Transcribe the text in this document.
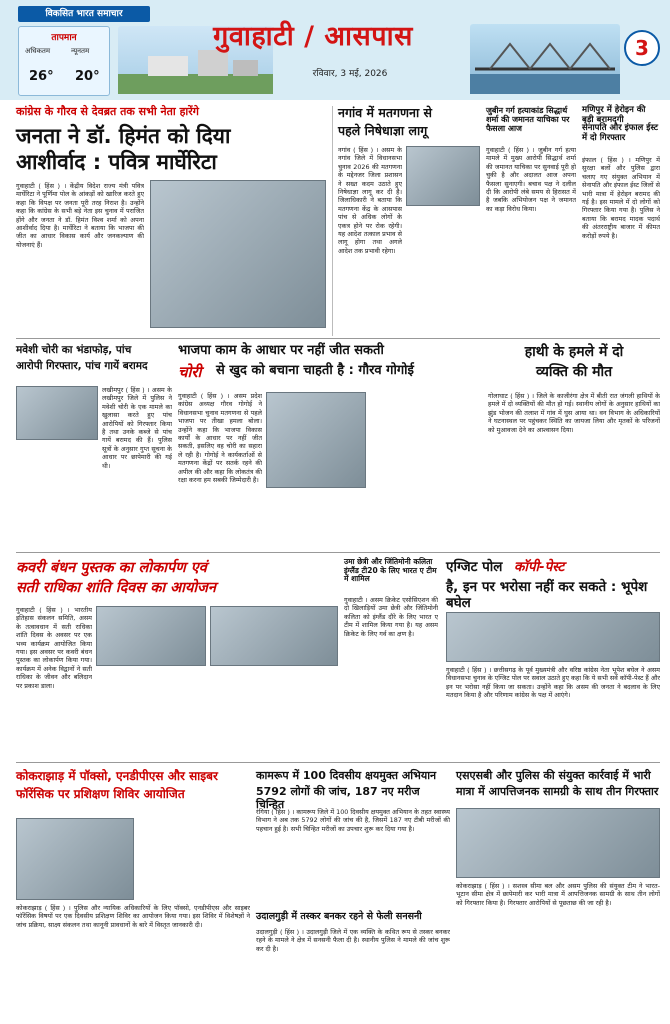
विकसित भारत समाचार
तापमान
अधिकतम	न्यूनतम
26° 20°
गुवाहाटी / आसपास
रविवार, 3 मई, 2026
3
कांग्रेस के गौरव से देवब्रत तक सभी नेता हारेंगे
जनता ने डॉ. हिमंत को दिया
आशीर्वाद : पवित्र मार्घेरिटा
गुवाहाटी ( हिंस ) । केंद्रीय विदेश राज्य मंत्री पवित्र मार्घेरिटा ने पूर्णिमा पोल के आंकड़ों को खारिज करते हुए कहा कि विपक्ष पर जनता पूरी तरह निराश है। उन्होंने कहा कि कांग्रेस के सभी बड़े नेता इस चुनाव में पराजित होंगे और जनता ने डॉ. हिमंत विश्व शर्मा को अपना आशीर्वाद दिया है। मार्घेरिटा ने बताया कि भाजपा की जीत का आधार विकास कार्य और जनकल्याण की योजनाएं हैं।
नगांव में मतगणना से
पहले निषेधाज्ञा लागू
नगांव ( हिंस ) । असम के नगांव जिले में विधानसभा चुनाव 2026 की मतगणना के मद्देनजर जिला प्रशासन ने सख्त कदम उठाते हुए निषेधाज्ञा लागू कर दी है। जिलाधिकारी ने बताया कि मतगणना केंद्र के आसपास पांच से अधिक लोगों के एकत्र होने पर रोक रहेगी। यह आदेश तत्काल प्रभाव से लागू होगा तथा अगले आदेश तक प्रभावी रहेगा।
जुबीन गर्ग हत्याकांड सिद्धार्थ शर्मा की जमानत याचिका पर फैसला आज
गुवाहाटी ( हिंस ) । जुबीन गर्ग हत्या मामले में मुख्य आरोपी सिद्धार्थ शर्मा की जमानत याचिका पर सुनवाई पूरी हो चुकी है और अदालत आज अपना फैसला सुनाएगी। बचाव पक्ष ने दलील दी कि आरोपी लंबे समय से हिरासत में है जबकि अभियोजन पक्ष ने जमानत का कड़ा विरोध किया।
मणिपुर में हेरोइन की बड़ी बरामदगी
सेनापति और इंफाल ईस्ट में दो गिरफ्तार
इंफाल ( हिंस ) । मणिपुर में सुरक्षा बलों और पुलिस द्वारा चलाए गए संयुक्त अभियान में सेनापति और इंफाल ईस्ट जिलों से भारी मात्रा में हेरोइन बरामद की गई है। इस मामले में दो लोगों को गिरफ्तार किया गया है। पुलिस ने बताया कि बरामद मादक पदार्थ की अंतरराष्ट्रीय बाजार में कीमत करोड़ों रुपये है।
मवेशी चोरी का भंडाफोड़, पांच
आरोपी गिरफ्तार, पांच गायें बरामद
लखीमपुर ( हिंस ) । असम के लखीमपुर जिले में पुलिस ने मवेशी चोरी के एक मामले का खुलासा करते हुए पांच आरोपियों को गिरफ्तार किया है तथा उनके कब्जे से पांच गायें बरामद की हैं। पुलिस सूत्रों के अनुसार गुप्त सूचना के आधार पर छापेमारी की गई थी।
भाजपा काम के आधार पर नहीं जीत सकती
चोरी	से खुद को बचाना चाहती है : गौरव गोगोई
गुवाहाटी ( हिंस ) । असम प्रदेश कांग्रेस अध्यक्ष गौरव गोगोई ने विधानसभा चुनाव मतगणना से पहले भाजपा पर तीखा हमला बोला। उन्होंने कहा कि भाजपा विकास कार्यों के आधार पर नहीं जीत सकती, इसलिए वह चोरी का सहारा ले रही है। गोगोई ने कार्यकर्ताओं से मतगणना केंद्रों पर सतर्क रहने की अपील की और कहा कि लोकतंत्र की रक्षा करना हम सबकी जिम्मेदारी है।
हाथी के हमले में दो
व्यक्ति की मौत
गोलाघाट ( हिंस ) । जिले के काजीरंगा क्षेत्र में बीती रात जंगली हाथियों के हमले में दो व्यक्तियों की मौत हो गई। स्थानीय लोगों के अनुसार हाथियों का झुंड भोजन की तलाश में गांव में घुस आया था। वन विभाग के अधिकारियों ने घटनास्थल पर पहुंचकर स्थिति का जायजा लिया और मृतकों के परिजनों को मुआवजा देने का आश्वासन दिया।
कवरी बंधन पुस्तक का लोकार्पण एवं
सती राधिका शांति दिवस का आयोजन
गुवाहाटी ( हिंस ) । भारतीय इतिहास संकलन समिति, असम के तत्वावधान में सती राधिका शांति दिवस के अवसर पर एक भव्य कार्यक्रम आयोजित किया गया। इस अवसर पर कवरी बंधन पुस्तक का लोकार्पण किया गया। कार्यक्रम में अनेक विद्वानों ने सती राधिका के जीवन और बलिदान पर प्रकाश डाला।
उमा छेत्री और जिंतिमोनी कलिता इंग्लैंड टी20 के लिए भारत ए टीम में शामिल
गुवाहाटी । असम क्रिकेट एसोसिएशन की दो खिलाड़ियों उमा छेत्री और जिंतिमोनी कलिता को इंग्लैंड दौरे के लिए भारत ए टीम में शामिल किया गया है। यह असम क्रिकेट के लिए गर्व का क्षण है।
एग्जिट पोल कॉपी-पेस्ट
है, इन पर भरोसा नहीं कर सकते : भूपेश बघेल
गुवाहाटी ( हिंस ) । छत्तीसगढ़ के पूर्व मुख्यमंत्री और वरिष्ठ कांग्रेस नेता भूपेश बघेल ने असम विधानसभा चुनाव के एग्जिट पोल पर सवाल उठाते हुए कहा कि ये सभी सर्वे कॉपी-पेस्ट हैं और इन पर भरोसा नहीं किया जा सकता। उन्होंने कहा कि असम की जनता ने बदलाव के लिए मतदान किया है और परिणाम कांग्रेस के पक्ष में आएंगे।
कोकराझाड़ में पॉक्सो, एनडीपीएस और साइबर
फॉरेंसिक पर प्रशिक्षण शिविर आयोजित
कोकराझाड़ ( हिंस ) । पुलिस और न्यायिक अधिकारियों के लिए पॉक्सो, एनडीपीएस और साइबर फॉरेंसिक विषयों पर एक दिवसीय प्रशिक्षण शिविर का आयोजन किया गया। इस शिविर में विशेषज्ञों ने जांच प्रक्रिया, साक्ष्य संकलन तथा कानूनी प्रावधानों के बारे में विस्तृत जानकारी दी।
कामरूप में 100 दिवसीय क्षयमुक्त अभियान
5792 लोगों की जांच, 187 नए मरीज चिन्हित
रंगिया ( हिंस ) । कामरूप जिले में 100 दिवसीय क्षयमुक्त अभियान के तहत स्वास्थ्य विभाग ने अब तक 5792 लोगों की जांच की है, जिसमें 187 नए टीबी मरीजों की पहचान हुई है। सभी चिन्हित मरीजों का उपचार शुरू कर दिया गया है।
उदालगुड़ी में तस्कर बनकर रहने से फेली सनसनी
उदालगुड़ी ( हिंस ) । उदालगुड़ी जिले में एक व्यक्ति के कथित रूप से तस्कर बनकर रहने के मामले ने क्षेत्र में सनसनी फैला दी है। स्थानीय पुलिस ने मामले की जांच शुरू कर दी है।
एसएसबी और पुलिस की संयुक्त कार्रवाई में भारी
मात्रा में आपत्तिजनक सामग्री के साथ तीन गिरफ्तार
कोकराझाड़ ( हिंस ) । सशस्त्र सीमा बल और असम पुलिस की संयुक्त टीम ने भारत-भूटान सीमा क्षेत्र में छापेमारी कर भारी मात्रा में आपत्तिजनक सामग्री के साथ तीन लोगों को गिरफ्तार किया है। गिरफ्तार आरोपियों से पूछताछ की जा रही है।
